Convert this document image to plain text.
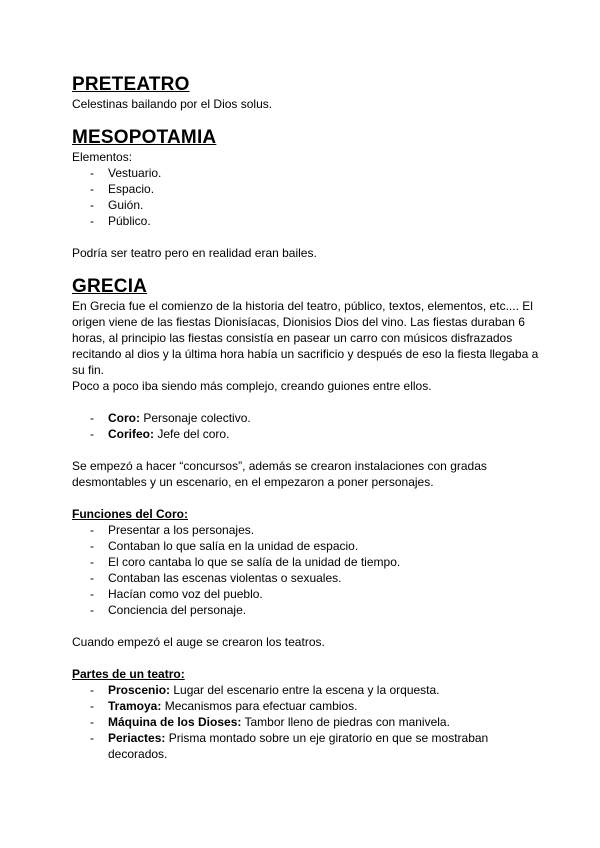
PRETEATRO

Celestinas bailando por el Dios solus.

MESOPOTAMIA

Elementos:

- Vestuario.
- Espacio.
- Guión.
- Público.

Podría ser teatro pero en realidad eran bailes.

GRECIA

En Grecia fue el comienzo de la historia del teatro, público, textos, elementos, etc.... El origen viene de las fiestas Dionisíacas, Dionisios Dios del vino. Las fiestas duraban 6 horas, al principio las fiestas consistía en pasear un carro con músicos disfrazados recitando al dios y la última hora había un sacrificio y después de eso la fiesta llegaba a su fin.

Poco a poco iba siendo más complejo, creando guiones entre ellos.

- Coro: Personaje colectivo.
- Corifeo: Jefe del coro.

Se empezó a hacer “concursos”, además se crearon instalaciones con gradas desmontables y un escenario, en el empezaron a poner personajes.

Funciones del Coro:
- Presentar a los personajes.
- Contaban lo que salía en la unidad de espacio.
- El coro cantaba lo que se salía de la unidad de tiempo.
- Contaban las escenas violentas o sexuales.
- Hacían como voz del pueblo.
- Conciencia del personaje.

Cuando empezó el auge se crearon los teatros.

Partes de un teatro:
- Proscenio: Lugar del escenario entre la escena y la orquesta.
- Tramoya: Mecanismos para efectuar cambios.
- Máquina de los Dioses: Tambor lleno de piedras con manivela.
- Periactes: Prisma montado sobre un eje giratorio en que se mostraban decorados.
